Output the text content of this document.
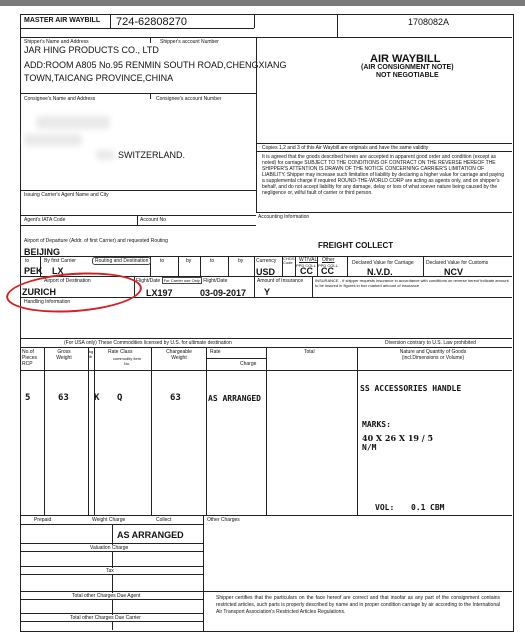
MASTER AIR WAYBILL 724-62808270	1708082A
Shipper's Name and Address	Shipper's account Number
JAR HING PRODUCTS CO., LTD
ADD:ROOM A805 No.95 RENMIN SOUTH ROAD,CHENGXIANG
TOWN,TAICANG PROVINCE,CHINA
AIR WAYBILL
(AIR CONSIGNMENT NOTE)
NOT NEGOTIABLE
Consignee's Name and Address	Consignee's account Number
SWITZERLAND.
Copies 1,2 and 3 of this Air Waybill are originals and have the same validity
It is agreed that the goods described herein are accepted in apparent good order and condition (except as noted) for carriage SUBJECT TO THE CONDITIONS OF CONTRACT ON THE REVERSE HEREOF THE SHIPPER'S ATTENTION IS DRAWN OF THE NOTICE CONCERNING CARRIER'S LIMITATION OF LIABILITY. Shipper may increase such limitation of liability by declaring a higher value for carriage and paying a supplemental charge if required ROUND-THE-WORLD CORP are acting as agents only, and on shipper's behalf, and do not accept liability for any damage, delay or loss of what soever nature being caused by the negligence or, wilful fault of carrier or third person.
Accounting Information
FREIGHT COLLECT
Issuing Carrier's Agent Name and City
Agent's IATA Code	Account No
Airport of Departure (Addr. of first Carrier) and requested Routing
BEIJING
to	By first Carrier	Routing and Destination	to	by	to	by	Currency CHGS Code WT/VAL
PPD COLL
Other
PPD COLL	Declared Value for Carriage Declared Value for Customs
PEK LX	USD	CC CC	N.V.D.	NCV
Airport of Destination	Flight/Date For Carrier use Only Flight/Date	Amount of Insurance	INSURANCE - If shipper requests insurance in accordance with conditions on reverse hereof indicate amount to be insured in figures in box marked amount of insurance
ZURICH	LX197	03-09-2017 Y
Handling Information
(For USA only) These Commodities licensed by U.S. for ultimate destination	Diversion contrary to U.S. Law prohibited
No.of Pieces RCP
Gross Weight
kg lb
Rate Class
commodity Item No.
Chargeable Weight
Rate
Charge
Total	Nature and Quantity of Goods (incl.Dimensions or Volume)
5	63	K Q	63	AS ARRANGED
SS ACCESSORIES HANDLE
MARKS:
40 X 26 X 19 / 5
N/M
VOL: 0.1 CBM
Prepaid	Weight Charge	Collect	Other Charges
AS ARRANGED
Valuation Charge
Tax
Total other Charges Due Agent
Total other Charges Due Carrier
Shipper certifies that the particulars on the face hereof are correct and that insofar as any part of the consignment contains restricted articles, such parts is properly described by name and in proper condition carriage by air according to the International Air Transport Association's Restricted Articles Regulations.
